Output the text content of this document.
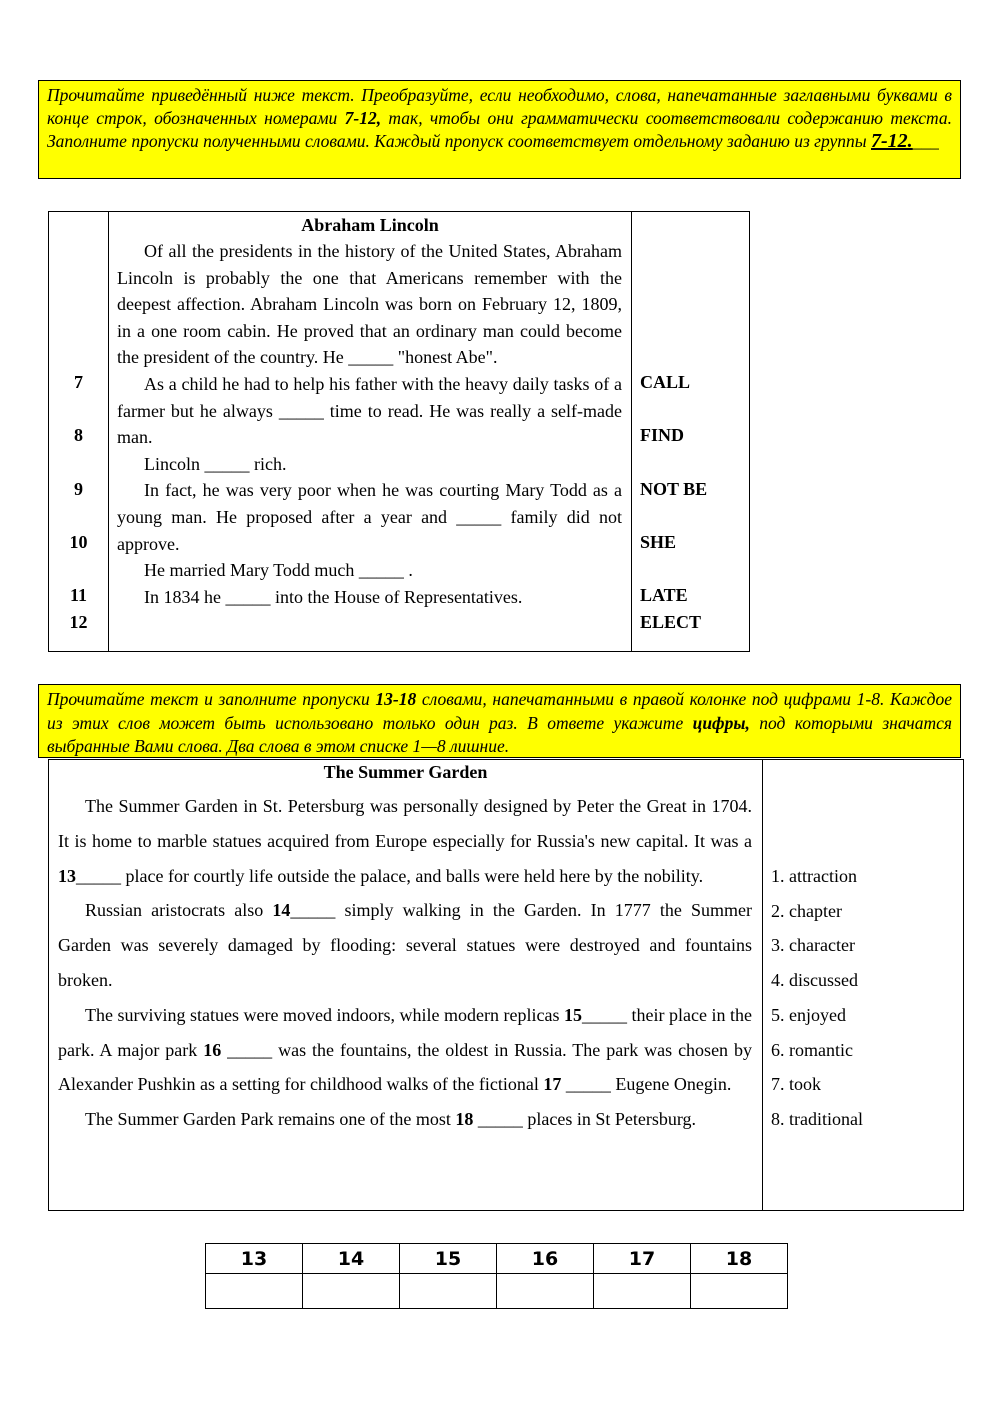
Прочитайте приведённый ниже текст. Преобразуйте, если необходимо, слова, напечатанные заглавными буквами в конце строк, обозначенных номерами 7-12, так, чтобы они грамматически соответствовали содержанию текста. Заполните пропуски полученными словами. Каждый пропуск соответствует отдельному заданию из группы 7-12.___
Abraham Lincoln

Of all the presidents in the history of the United States, Abraham Lincoln is probably the one that Americans remember with the deepest affection. Abraham Lincoln was born on February 12, 1809, in a one room cabin. He proved that an ordinary man could become the president of the country. He _____ "honest Abe".

As a child he had to help his father with the heavy daily tasks of a farmer but he always _____ time to read. He was really a self-made man.

Lincoln _____ rich.

In fact, he was very poor when he was courting Mary Todd as a young man. He proposed after a year and _____ family did not approve.

He married Mary Todd much _____ .

In 1834 he _____ into the House of Representatives.

7	CALL
8	FIND
9	NOT BE
10	SHE
11	LATE
12	ELECT
Прочитайте текст и заполните пропуски 13-18 словами, напечатанными в правой колонке под цифрами 1-8. Каждое из этих слов может быть использовано только один раз. В ответе укажите цифры, под которыми значатся выбранные Вами слова. Два слова в этом списке 1—8 лишние.
The Summer Garden

The Summer Garden in St. Petersburg was personally designed by Peter the Great in 1704. It is home to marble statues acquired from Europe especially for Russia's new capital. It was a 13_____ place for courtly life outside the palace, and balls were held here by the nobility.

Russian aristocrats also 14_____ simply walking in the Garden. In 1777 the Summer Garden was severely damaged by flooding: several statues were destroyed and fountains broken.

The surviving statues were moved indoors, while modern replicas 15_____ their place in the park. A major park 16 _____ was the fountains, the oldest in Russia. The park was chosen by Alexander Pushkin as a setting for childhood walks of the fictional 17 _____ Eugene Onegin.

The Summer Garden Park remains one of the most 18 _____ places in St Petersburg.

1. attraction
2. chapter
3. character
4. discussed
5. enjoyed
6. romantic
7. took
8. traditional
13	14	15	16	17	18
